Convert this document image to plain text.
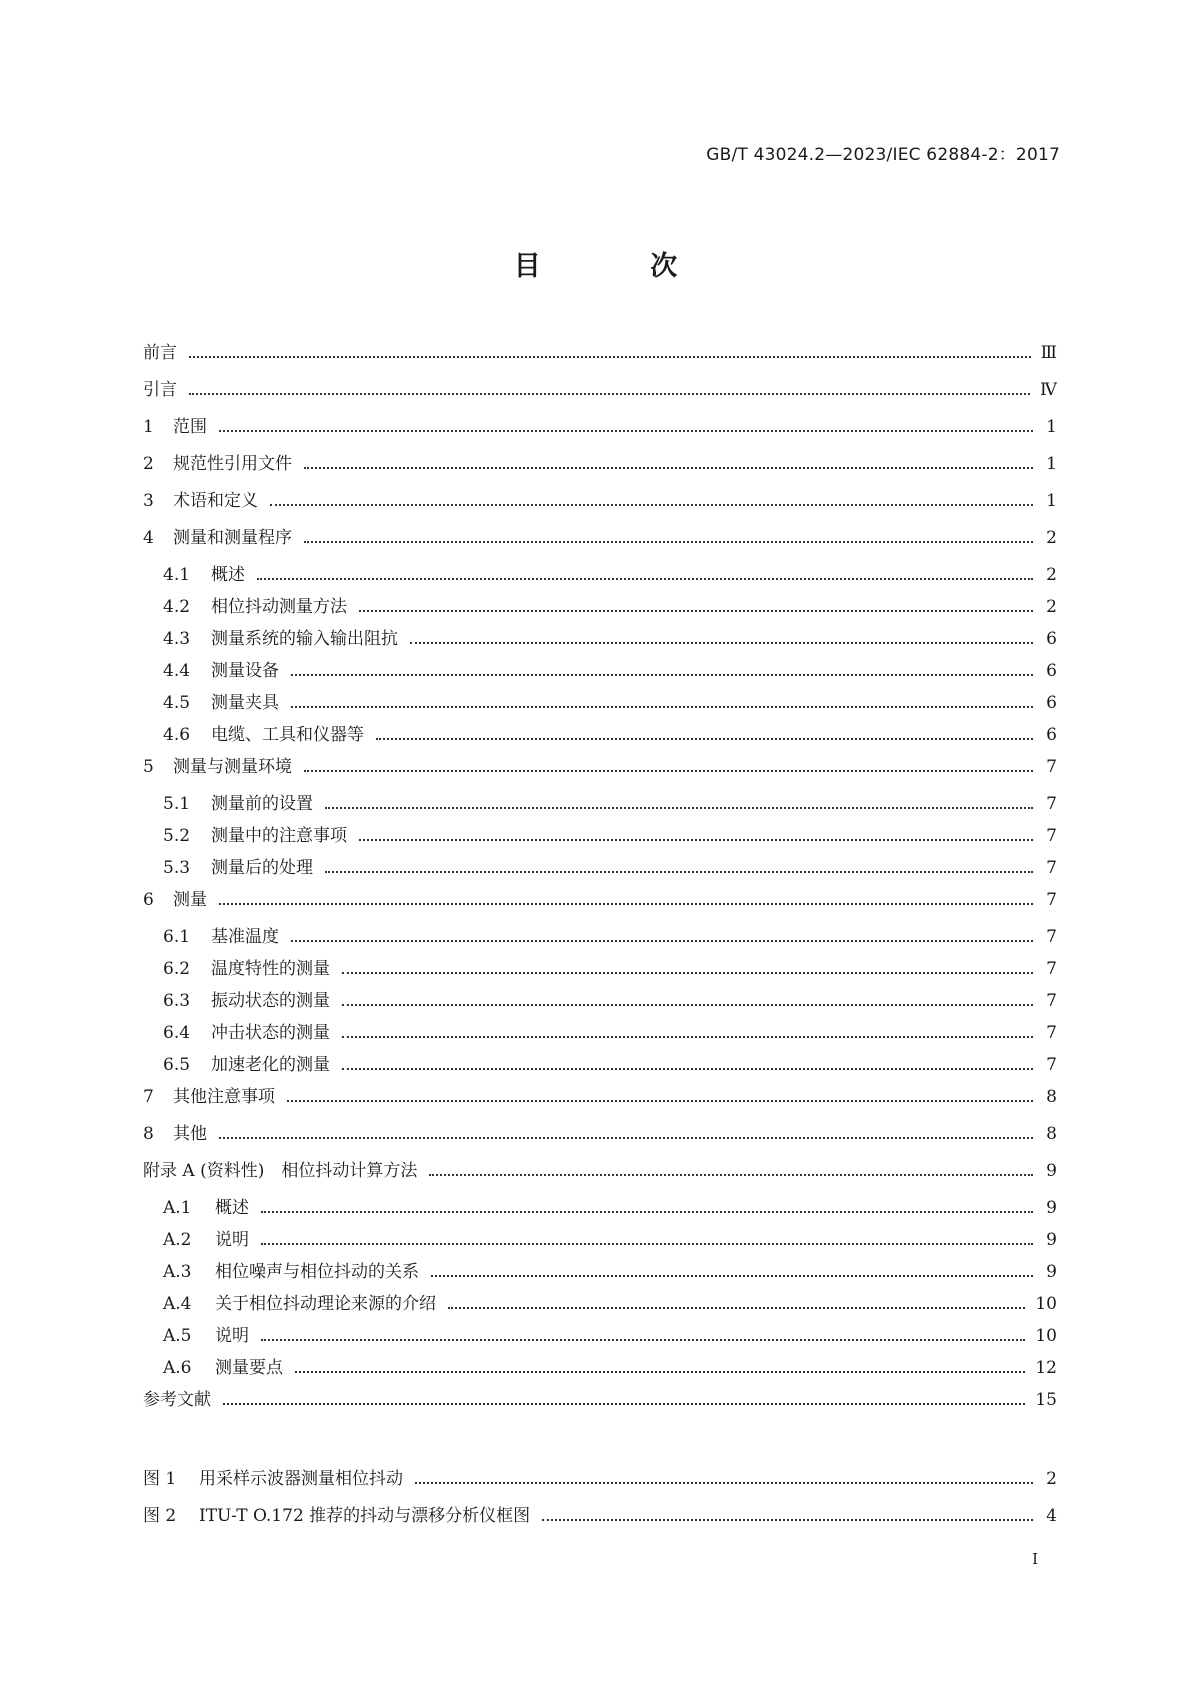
GB/T 43024.2—2023/IEC 62884-2：2017
目 次
前言	Ⅲ
引言	Ⅳ
1	范围	1
2	规范性引用文件	1
3	术语和定义	1
4	测量和测量程序	2
4.1	概述	2
4.2	相位抖动测量方法	2
4.3	测量系统的输入输出阻抗	6
4.4	测量设备	6
4.5	测量夹具	6
4.6	电缆、工具和仪器等	6
5	测量与测量环境	7
5.1	测量前的设置	7
5.2	测量中的注意事项	7
5.3	测量后的处理	7
6	测量	7
6.1	基准温度	7
6.2	温度特性的测量	7
6.3	振动状态的测量	7
6.4	冲击状态的测量	7
6.5	加速老化的测量	7
7	其他注意事项	8
8	其他	8
附录 A (资料性)　相位抖动计算方法	9
A.1	概述	9
A.2	说明	9
A.3	相位噪声与相位抖动的关系	9
A.4	关于相位抖动理论来源的介绍	10
A.5	说明	10
A.6	测量要点	12
参考文献	15
图 1	用采样示波器测量相位抖动	2
图 2	ITU-T O.172 推荐的抖动与漂移分析仪框图	4
I
